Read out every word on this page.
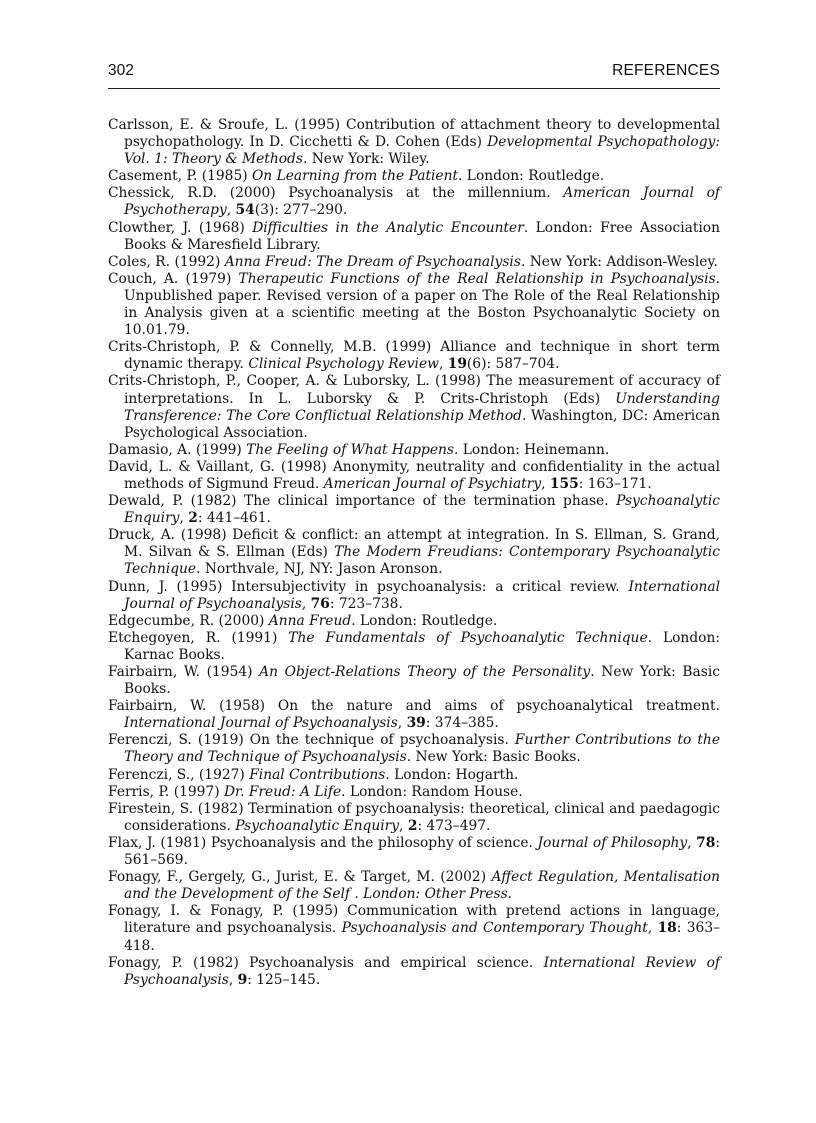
302	REFERENCES

Carlsson, E. & Sroufe, L. (1995) Contribution of attachment theory to developmental psychopathology. In D. Cicchetti & D. Cohen (Eds) Developmental Psychopathology: Vol. 1: Theory & Methods. New York: Wiley.

Casement, P. (1985) On Learning from the Patient. London: Routledge.

Chessick, R.D. (2000) Psychoanalysis at the millennium. American Journal of Psychotherapy, 54(3): 277–290.

Clowther, J. (1968) Difficulties in the Analytic Encounter. London: Free Association Books & Maresfield Library.

Coles, R. (1992) Anna Freud: The Dream of Psychoanalysis. New York: Addison-Wesley.

Couch, A. (1979) Therapeutic Functions of the Real Relationship in Psychoanalysis. Unpublished paper. Revised version of a paper on The Role of the Real Relationship in Analysis given at a scientific meeting at the Boston Psychoanalytic Society on 10.01.79.

Crits-Christoph, P. & Connelly, M.B. (1999) Alliance and technique in short term dynamic therapy. Clinical Psychology Review, 19(6): 587–704.

Crits-Christoph, P., Cooper, A. & Luborsky, L. (1998) The measurement of accuracy of interpretations. In L. Luborsky & P. Crits-Christoph (Eds) Understanding Transference: The Core Conflictual Relationship Method. Washington, DC: American Psychological Association.

Damasio, A. (1999) The Feeling of What Happens. London: Heinemann.

David, L. & Vaillant, G. (1998) Anonymity, neutrality and confidentiality in the actual methods of Sigmund Freud. American Journal of Psychiatry, 155: 163–171.

Dewald, P. (1982) The clinical importance of the termination phase. Psychoanalytic Enquiry, 2: 441–461.

Druck, A. (1998) Deficit & conflict: an attempt at integration. In S. Ellman, S. Grand, M. Silvan & S. Ellman (Eds) The Modern Freudians: Contemporary Psychoanalytic Technique. Northvale, NJ, NY: Jason Aronson.

Dunn, J. (1995) Intersubjectivity in psychoanalysis: a critical review. International Journal of Psychoanalysis, 76: 723–738.

Edgecumbe, R. (2000) Anna Freud. London: Routledge.

Etchegoyen, R. (1991) The Fundamentals of Psychoanalytic Technique. London: Karnac Books.

Fairbairn, W. (1954) An Object-Relations Theory of the Personality. New York: Basic Books.

Fairbairn, W. (1958) On the nature and aims of psychoanalytical treatment. International Journal of Psychoanalysis, 39: 374–385.

Ferenczi, S. (1919) On the technique of psychoanalysis. Further Contributions to the Theory and Technique of Psychoanalysis. New York: Basic Books.

Ferenczi, S., (1927) Final Contributions. London: Hogarth.

Ferris, P. (1997) Dr. Freud: A Life. London: Random House.

Firestein, S. (1982) Termination of psychoanalysis: theoretical, clinical and paedagogic considerations. Psychoanalytic Enquiry, 2: 473–497.

Flax, J. (1981) Psychoanalysis and the philosophy of science. Journal of Philosophy, 78: 561–569.

Fonagy, F., Gergely, G., Jurist, E. & Target, M. (2002) Affect Regulation, Mentalisation and the Development of the Self . London: Other Press.

Fonagy, I. & Fonagy, P. (1995) Communication with pretend actions in language, literature and psychoanalysis. Psychoanalysis and Contemporary Thought, 18: 363–418.

Fonagy, P. (1982) Psychoanalysis and empirical science. International Review of Psychoanalysis, 9: 125–145.
